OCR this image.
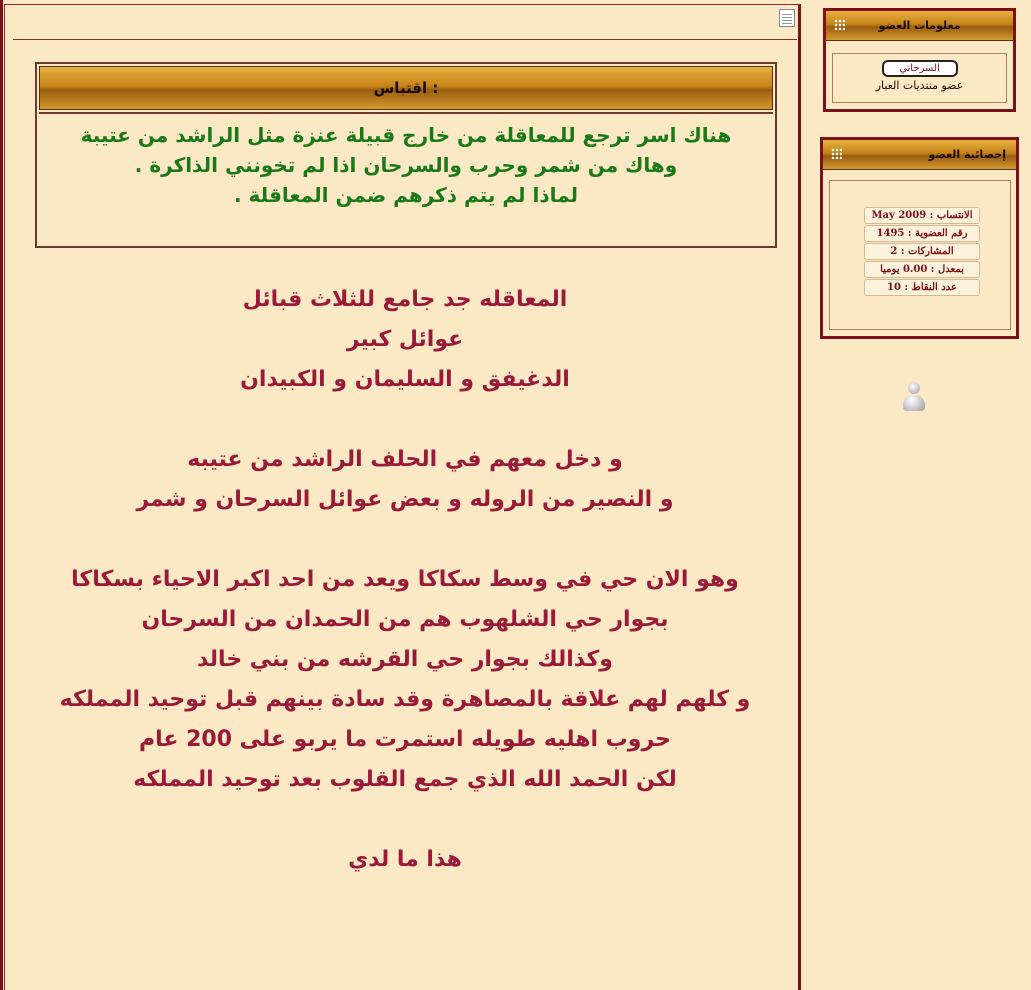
اقتباس :
هناك اسر ترجع للمعاقلة من خارج قبيلة عنزة مثل الراشد من عتيبة
وهاك من شمر وحرب والسرحان اذا لم تخونني الذاكرة .
لماذا لم يتم ذكرهم ضمن المعاقلة .
المعاقله جد جامع للثلاث قبائل
عوائل كبير
الدغيفق و السليمان و الكبيدان
و دخل معهم في الحلف الراشد من عتيبه
و النصير من الروله و بعض عوائل السرحان و شمر
وهو الان حي في وسط سكاكا ويعد من احد اكبر الاحياء بسكاكا
بجوار حي الشلهوب هم من الحمدان من السرحان
وكذالك بجوار حي القرشه من بني خالد
و كلهم لهم علاقة بالمصاهرة وقد سادة بينهم قبل توحيد المملكه
حروب اهليه طويله استمرت ما يربو على 200 عام
لكن الحمد الله الذي جمع القلوب بعد توحيد المملكه
هذا ما لدي
معلومات العضو
السرحاني
عضو منتديات العبار
إحصائية العضو
الانتساب : May 2009
رقم العضوية : 1495
المشاركات : 2
بمعدل : 0.00 يوميا
عدد النقاط : 10
